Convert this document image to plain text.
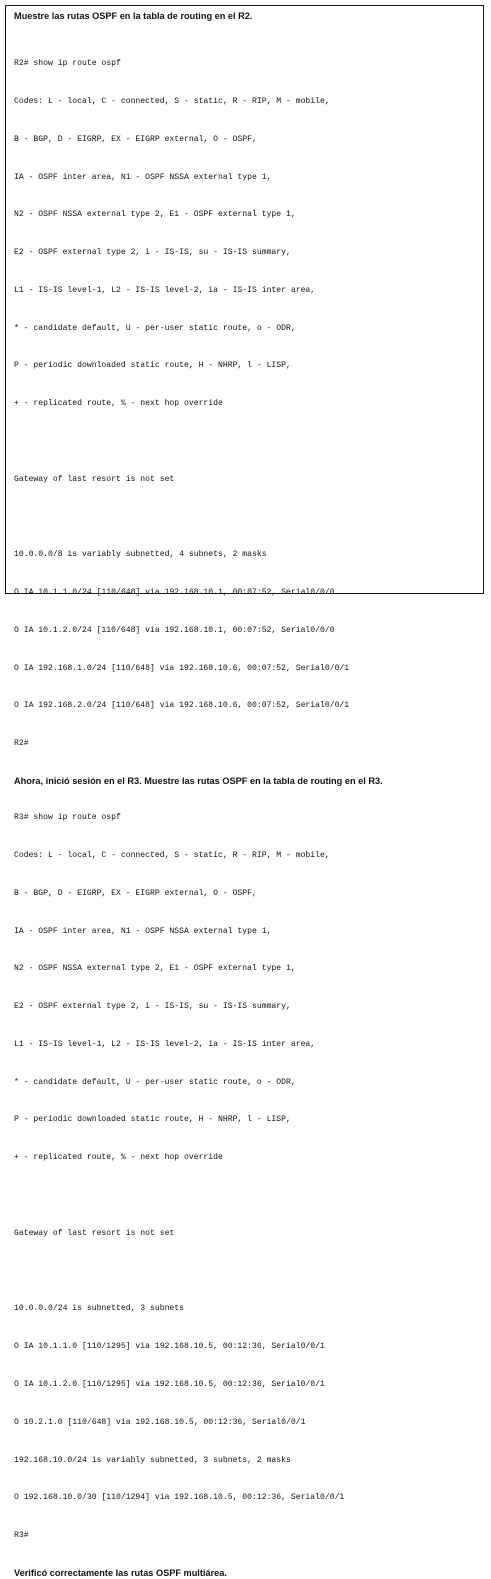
Muestre las rutas OSPF en la tabla de routing en el R2.

R2# show ip route ospf

Codes: L - local, C - connected, S - static, R - RIP, M - mobile,

B - BGP, D - EIGRP, EX - EIGRP external, O - OSPF,

IA - OSPF inter area, N1 - OSPF NSSA external type 1,

N2 - OSPF NSSA external type 2, E1 - OSPF external type 1,

E2 - OSPF external type 2, i - IS-IS, su - IS-IS summary,

L1 - IS-IS level-1, L2 - IS-IS level-2, ia - IS-IS inter area,

* - candidate default, U - per-user static route, o - ODR,

P - periodic downloaded static route, H - NHRP, l - LISP,

+ - replicated route, % - next hop override

Gateway of last resort is not set

10.0.0.0/8 is variably subnetted, 4 subnets, 2 masks

O IA 10.1.1.0/24 [110/648] via 192.168.10.1, 00:07:52, Serial0/0/0

O IA 10.1.2.0/24 [110/648] via 192.168.10.1, 00:07:52, Serial0/0/0

O IA 192.168.1.0/24 [110/648] via 192.168.10.6, 00:07:52, Serial0/0/1

O IA 192.168.2.0/24 [110/648] via 192.168.10.6, 00:07:52, Serial0/0/1

R2#

Ahora, inició sesión en el R3. Muestre las rutas OSPF en la tabla de routing en el R3.

R3# show ip route ospf

Codes: L - local, C - connected, S - static, R - RIP, M - mobile,

B - BGP, D - EIGRP, EX - EIGRP external, O - OSPF,

IA - OSPF inter area, N1 - OSPF NSSA external type 1,

N2 - OSPF NSSA external type 2, E1 - OSPF external type 1,

E2 - OSPF external type 2, i - IS-IS, su - IS-IS summary,

L1 - IS-IS level-1, L2 - IS-IS level-2, ia - IS-IS inter area,

* - candidate default, U - per-user static route, o - ODR,

P - periodic downloaded static route, H - NHRP, l - LISP,

+ - replicated route, % - next hop override

Gateway of last resort is not set

10.0.0.0/24 is subnetted, 3 subnets

O IA 10.1.1.0 [110/1295] via 192.168.10.5, 00:12:36, Serial0/0/1

O IA 10.1.2.0 [110/1295] via 192.168.10.5, 00:12:36, Serial0/0/1

O 10.2.1.0 [110/648] via 192.168.10.5, 00:12:36, Serial0/0/1

192.168.10.0/24 is variably subnetted, 3 subnets, 2 masks

O 192.168.10.0/30 [110/1294] via 192.168.10.5, 00:12:36, Serial0/0/1

R3#

Verificó correctamente las rutas OSPF multiárea.
